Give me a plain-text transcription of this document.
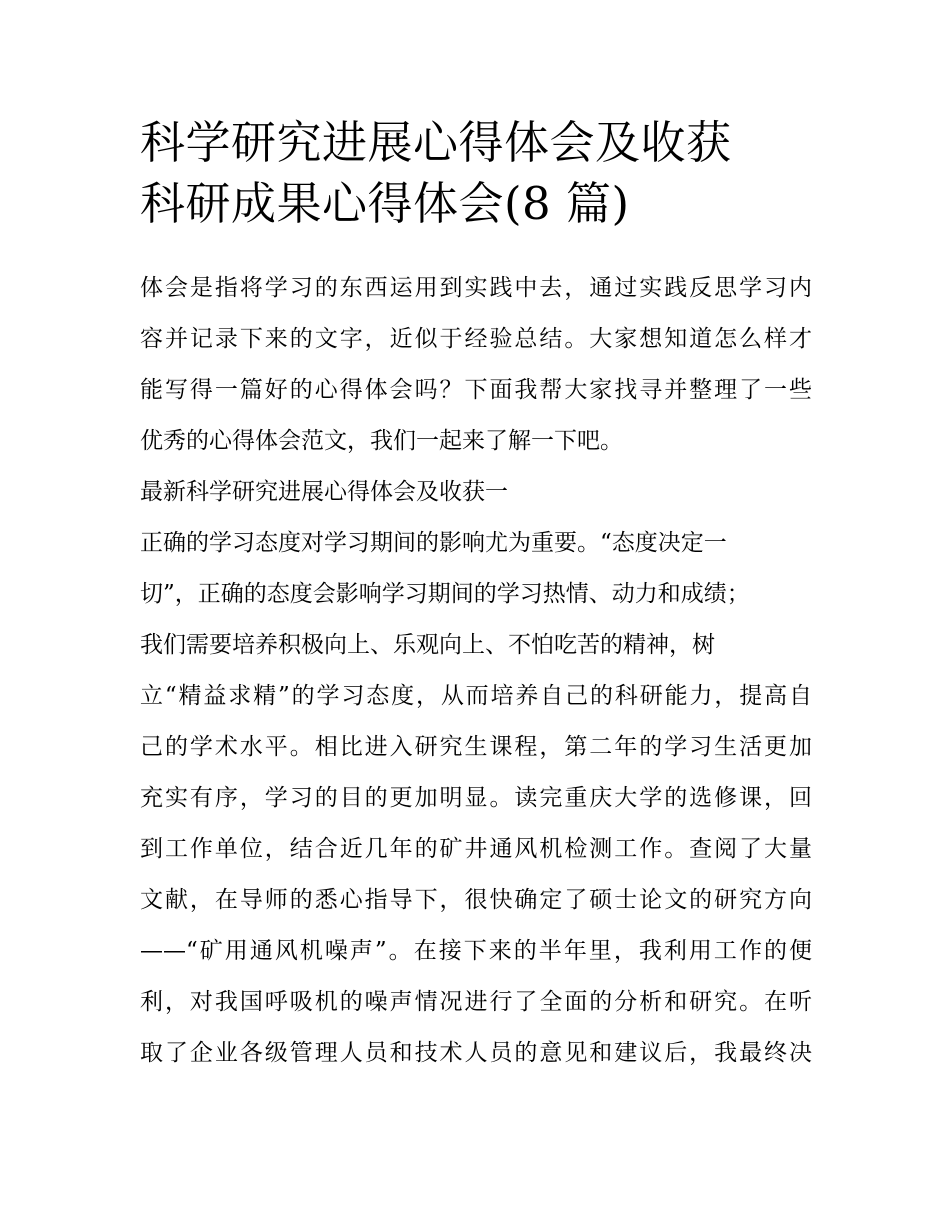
科学研究进展心得体会及收获
科研成果心得体会(8 篇)
体会是指将学习的东西运用到实践中去，通过实践反思学习内
容并记录下来的文字，近似于经验总结。大家想知道怎么样才
能写得一篇好的心得体会吗？下面我帮大家找寻并整理了一些
优秀的心得体会范文，我们一起来了解一下吧。
最新科学研究进展心得体会及收获一
正确的学习态度对学习期间的影响尤为重要。“态度决定一
切”，正确的态度会影响学习期间的学习热情、动力和成绩；
我们需要培养积极向上、乐观向上、不怕吃苦的精神，树
立“精益求精”的学习态度，从而培养自己的科研能力，提高自
己的学术水平。相比进入研究生课程，第二年的学习生活更加
充实有序，学习的目的更加明显。读完重庆大学的选修课，回
到工作单位，结合近几年的矿井通风机检测工作。查阅了大量
文献，在导师的悉心指导下，很快确定了硕士论文的研究方向
——“矿用通风机噪声”。在接下来的半年里，我利用工作的便
利，对我国呼吸机的噪声情况进行了全面的分析和研究。在听
取了企业各级管理人员和技术人员的意见和建议后，我最终决
